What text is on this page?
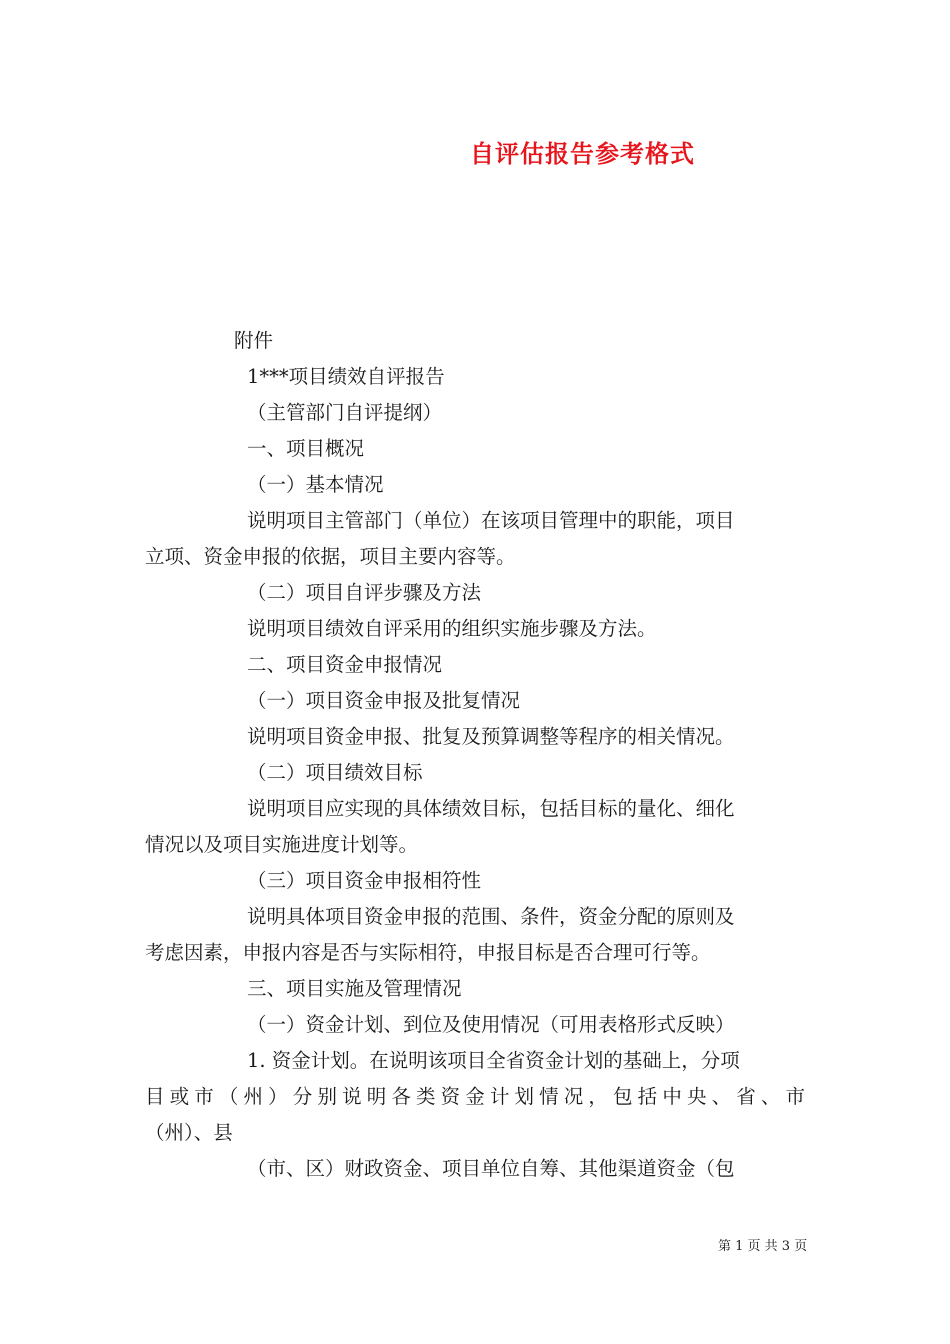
自评估报告参考格式
附件
1***项目绩效自评报告
（主管部门自评提纲）
一、项目概况
（一）基本情况
说明项目主管部门（单位）在该项目管理中的职能，项目
立项、资金申报的依据，项目主要内容等。
（二）项目自评步骤及方法
说明项目绩效自评采用的组织实施步骤及方法。
二、项目资金申报情况
（一）项目资金申报及批复情况
说明项目资金申报、批复及预算调整等程序的相关情况。
（二）项目绩效目标
说明项目应实现的具体绩效目标，包括目标的量化、细化
情况以及项目实施进度计划等。
（三）项目资金申报相符性
说明具体项目资金申报的范围、条件，资金分配的原则及
考虑因素，申报内容是否与实际相符，申报目标是否合理可行等。
三、项目实施及管理情况
（一）资金计划、到位及使用情况（可用表格形式反映）
1. 资金计划。在说明该项目全省资金计划的基础上，分项
目或市（州）分别说明各类资金计划情况，包括中央、省、市
（州）、县
（市、区）财政资金、项目单位自筹、其他渠道资金（包
第 1 页 共 3 页
